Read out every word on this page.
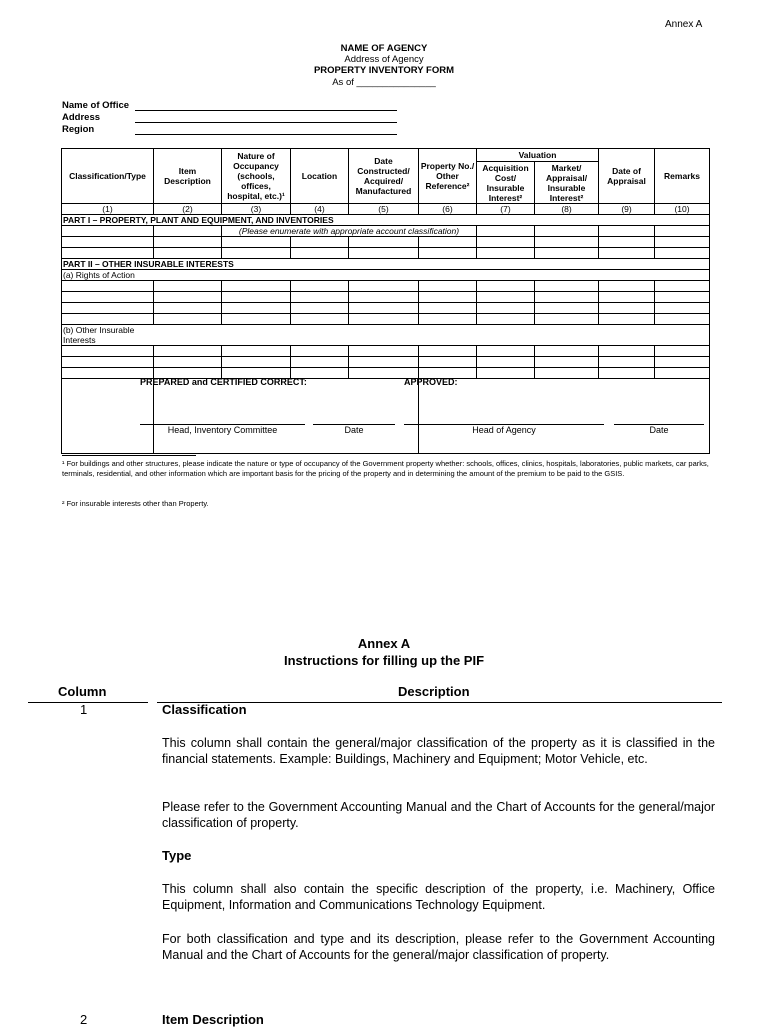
Annex A
NAME OF AGENCY
Address of Agency
PROPERTY INVENTORY FORM
As of _______________
Name of Office
Address
Region
Classification/Type	Item Description	Nature of Occupancy (schools, offices, hospital, etc.)¹	Location	Date Constructed/ Acquired/ Manufactured	Property No./ Other Reference²	Valuation		Date of Appraisal	Remarks
						Acquisition Cost/ Insurable Interest²	Market/ Appraisal/ Insurable Interest²		
(1)	(2)	(3)	(4)	(5)	(6)	(7)	(8)	(9)	(10)
PART I – PROPERTY, PLANT AND EQUIPMENT, AND INVENTORIES									
		(Please enumerate with appropriate account classification)							

PART II – OTHER INSURABLE INTERESTS									
(a) Rights of Action									

(b) Other Insurable Interests									

PREPARED and CERTIFIED CORRECT:	APPROVED:
Head, Inventory Committee	Date	Head of Agency	Date
¹ For buildings and other structures, please indicate the nature or type of occupancy of the Government property whether: schools, offices, clinics, hospitals, laboratories, public markets, car parks, terminals, residential, and other information which are important basis for the pricing of the property and in determining the amount of the premium to be paid to the GSIS.
² For insurable interests other than Property.
Annex A
Instructions for filling up the PIF
Column	Description
1	Classification
This column shall contain the general/major classification of the property as it is classified in the financial statements. Example: Buildings, Machinery and Equipment; Motor Vehicle, etc.
Please refer to the Government Accounting Manual and the Chart of Accounts for the general/major classification of property.
Type
This column shall also contain the specific description of the property, i.e. Machinery, Office Equipment, Information and Communications Technology Equipment.
For both classification and type and its description, please refer to the Government Accounting Manual and the Chart of Accounts for the general/major classification of property.
2	Item Description
